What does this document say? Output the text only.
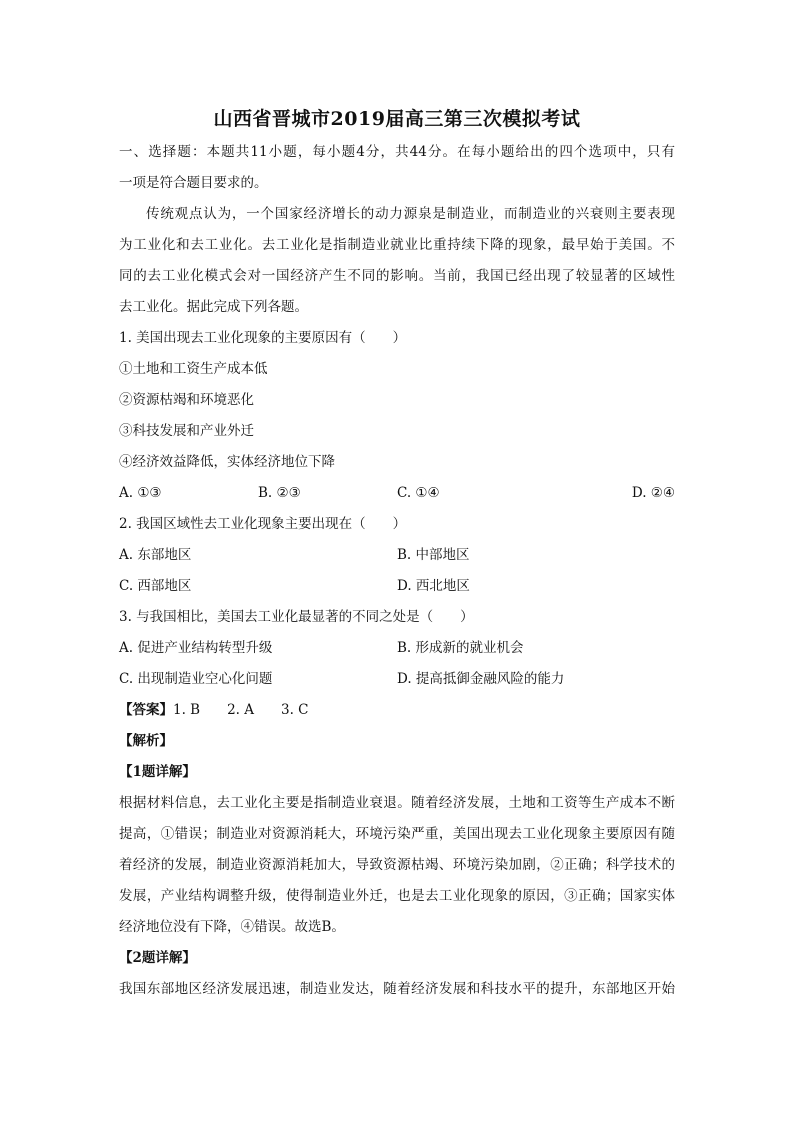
山西省晋城市2019届高三第三次模拟考试

一、选择题：本题共11小题，每小题4分，共44分。在每小题给出的四个选项中，只有

一项是符合题目要求的。

传统观点认为，一个国家经济增长的动力源泉是制造业，而制造业的兴衰则主要表现

为工业化和去工业化。去工业化是指制造业就业比重持续下降的现象，最早始于美国。不

同的去工业化模式会对一国经济产生不同的影响。当前，我国已经出现了较显著的区域性

去工业化。据此完成下列各题。

1. 美国出现去工业化现象的主要原因有（　　）

①土地和工资生产成本低

②资源枯竭和环境恶化

③科技发展和产业外迁

④经济效益降低，实体经济地位下降

A. ①③	B. ②③	C. ①④	D. ②④

2. 我国区域性去工业化现象主要出现在（　　）

A. 东部地区	B. 中部地区
C. 西部地区	D. 西北地区

3. 与我国相比，美国去工业化最显著的不同之处是（　　）

A. 促进产业结构转型升级	B. 形成新的就业机会
C. 出现制造业空心化问题	D. 提高抵御金融风险的能力

【答案】1. B　　2. A　　3. C

【解析】

【1题详解】

根据材料信息，去工业化主要是指制造业衰退。随着经济发展，土地和工资等生产成本不断

提高，①错误；制造业对资源消耗大，环境污染严重，美国出现去工业化现象主要原因有随

着经济的发展，制造业资源消耗加大，导致资源枯竭、环境污染加剧，②正确；科学技术的

发展，产业结构调整升级，使得制造业外迁，也是去工业化现象的原因，③正确；国家实体

经济地位没有下降，④错误。故选B。

【2题详解】

我国东部地区经济发展迅速，制造业发达，随着经济发展和科技水平的提升，东部地区开始
